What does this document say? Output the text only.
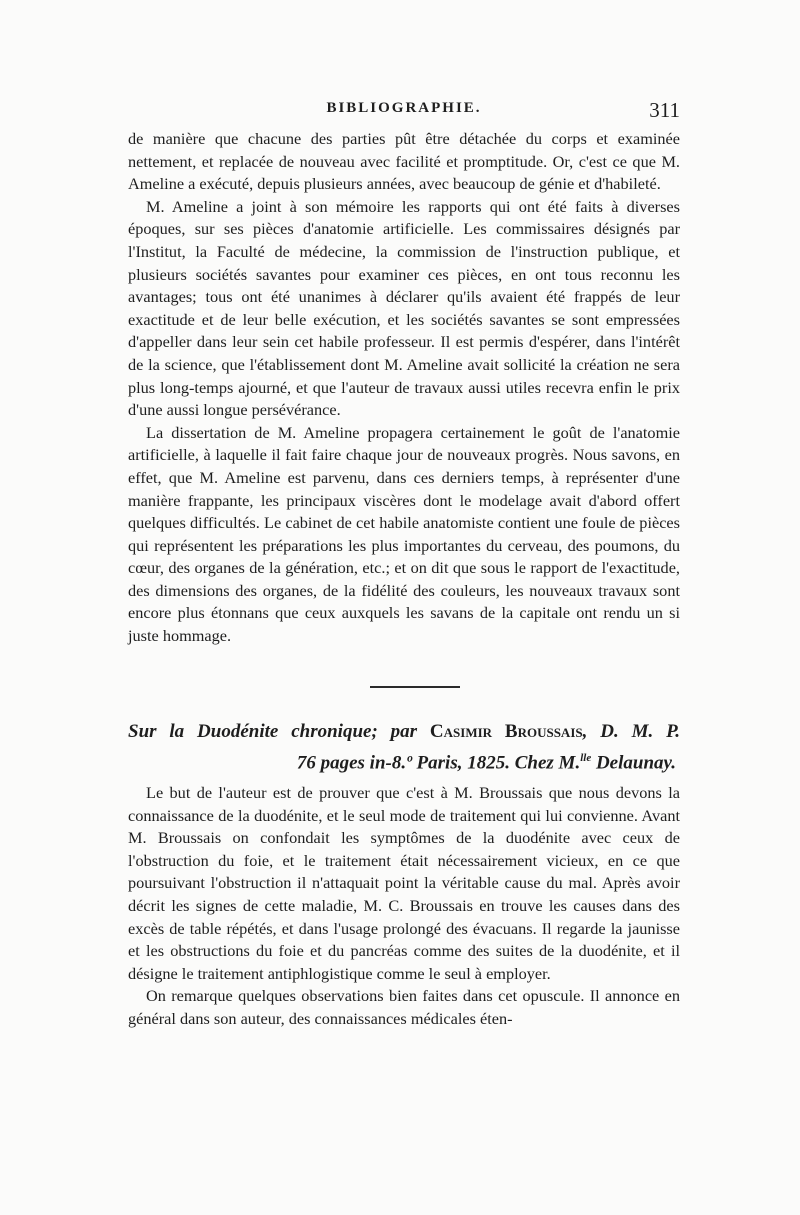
BIBLIOGRAPHIE.	311

de manière que chacune des parties pût être détachée du corps et examinée nettement, et replacée de nouveau avec facilité et promptitude. Or, c'est ce que M. Ameline a exécuté, depuis plusieurs années, avec beaucoup de génie et d'habileté.

M. Ameline a joint à son mémoire les rapports qui ont été faits à diverses époques, sur ses pièces d'anatomie artificielle. Les commissaires désignés par l'Institut, la Faculté de médecine, la commission de l'instruction publique, et plusieurs sociétés savantes pour examiner ces pièces, en ont tous reconnu les avantages; tous ont été unanimes à déclarer qu'ils avaient été frappés de leur exactitude et de leur belle exécution, et les sociétés savantes se sont empressées d'appeller dans leur sein cet habile professeur. Il est permis d'espérer, dans l'intérêt de la science, que l'établissement dont M. Ameline avait sollicité la création ne sera plus long-temps ajourné, et que l'auteur de travaux aussi utiles recevra enfin le prix d'une aussi longue persévérance.

La dissertation de M. Ameline propagera certainement le goût de l'anatomie artificielle, à laquelle il fait faire chaque jour de nouveaux progrès. Nous savons, en effet, que M. Ameline est parvenu, dans ces derniers temps, à représenter d'une manière frappante, les principaux viscères dont le modelage avait d'abord offert quelques difficultés. Le cabinet de cet habile anatomiste contient une foule de pièces qui représentent les préparations les plus importantes du cerveau, des poumons, du cœur, des organes de la génération, etc.; et on dit que sous le rapport de l'exactitude, des dimensions des organes, de la fidélité des couleurs, les nouveaux travaux sont encore plus étonnans que ceux auxquels les savans de la capitale ont rendu un si juste hommage.

Sur la Duodénite chronique; par Casimir Broussais, D. M. P.
76 pages in-8.º Paris, 1825. Chez M.$^{lle}$ Delaunay.

Le but de l'auteur est de prouver que c'est à M. Broussais que nous devons la connaissance de la duodénite, et le seul mode de traitement qui lui convienne. Avant M. Broussais on confondait les symptômes de la duodénite avec ceux de l'obstruction du foie, et le traitement était nécessairement vicieux, en ce que poursuivant l'obstruction il n'attaquait point la véritable cause du mal. Après avoir décrit les signes de cette maladie, M. C. Broussais en trouve les causes dans des excès de table répétés, et dans l'usage prolongé des évacuans. Il regarde la jaunisse et les obstructions du foie et du pancréas comme des suites de la duodénite, et il désigne le traitement antiphlogistique comme le seul à employer.

On remarque quelques observations bien faites dans cet opuscule. Il annonce en général dans son auteur, des connaissances médicales éten-
